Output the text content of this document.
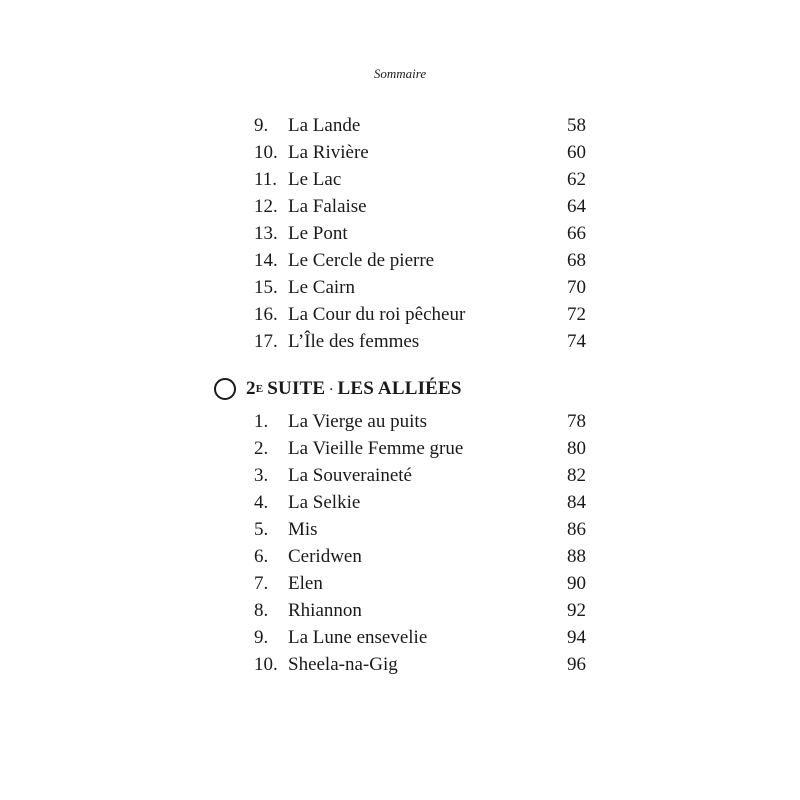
Sommaire
9.	La Lande	58
10. La Rivière	60
11. Le Lac	62
12. La Falaise	64
13. Le Pont	66
14. Le Cercle de pierre	68
15. Le Cairn	70
16. La Cour du roi pêcheur	72
17. L’Île des femmes	74
2 E SUITE · LES ALLIÉES
1.	La Vierge au puits	78
2.	La Vieille Femme grue	80
3.	La Souveraineté	82
4.	La Selkie	84
5.	Mis	86
6.	Ceridwen	88
7.	Elen	90
8.	Rhiannon	92
9.	La Lune ensevelie	94
10. Sheela-na-Gig	96
